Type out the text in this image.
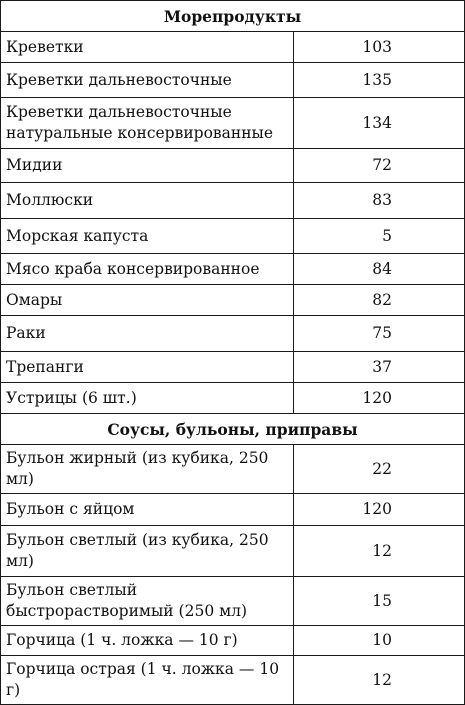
Морепродукты	
Креветки	103
Креветки дальневосточные	135
Креветки дальневосточные натуральные консервированные	134
Мидии	72
Моллюски	83
Морская капуста	5
Мясо краба консервированное	84
Омары	82
Раки	75
Трепанги	37
Устрицы (6 шт.)	120
Соусы, бульоны, приправы	
Бульон жирный (из кубика, 250 мл)	22
Бульон с яйцом	120
Бульон светлый (из кубика, 250 мл)	12
Бульон светлый быстрорастворимый (250 мл)	15
Горчица (1 ч. ложка — 10 г)	10
Горчица острая (1 ч. ложка — 10 г)	12
